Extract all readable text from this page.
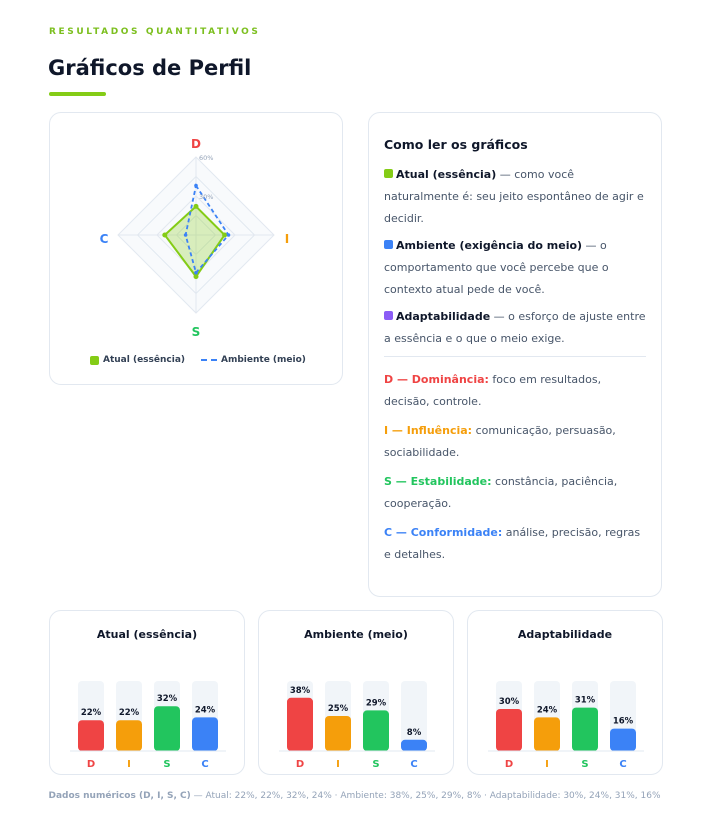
RESULTADOS QUANTITATIVOS
Gráficos de Perfil
60%
30%
D
I
S
C
Atual (essência)	Ambiente (meio)
Como ler os gráficos

Atual (essência) — como você naturalmente é: seu jeito espontâneo de agir e decidir.

Ambiente (exigência do meio) — o comportamento que você percebe que o contexto atual pede de você.

Adaptabilidade — o esforço de ajuste entre a essência e o que o meio exige.

D — Dominância: foco em resultados, decisão, controle.

I — Influência: comunicação, persuasão, sociabilidade.

S — Estabilidade: constância, paciência, cooperação.

C — Conformidade: análise, precisão, regras e detalhes.

Atual (essência)
22%
D
22%
I
32%
S
24%
C
Ambiente (meio)
38%
D
25%
I
29%
S
8%
C
Adaptabilidade
30%
D
24%
I
31%
S
16%
C
Dados numéricos (D, I, S, C) — Atual: 22%, 22%, 32%, 24% · Ambiente: 38%, 25%, 29%, 8% · Adaptabilidade: 30%, 24%, 31%, 16%
